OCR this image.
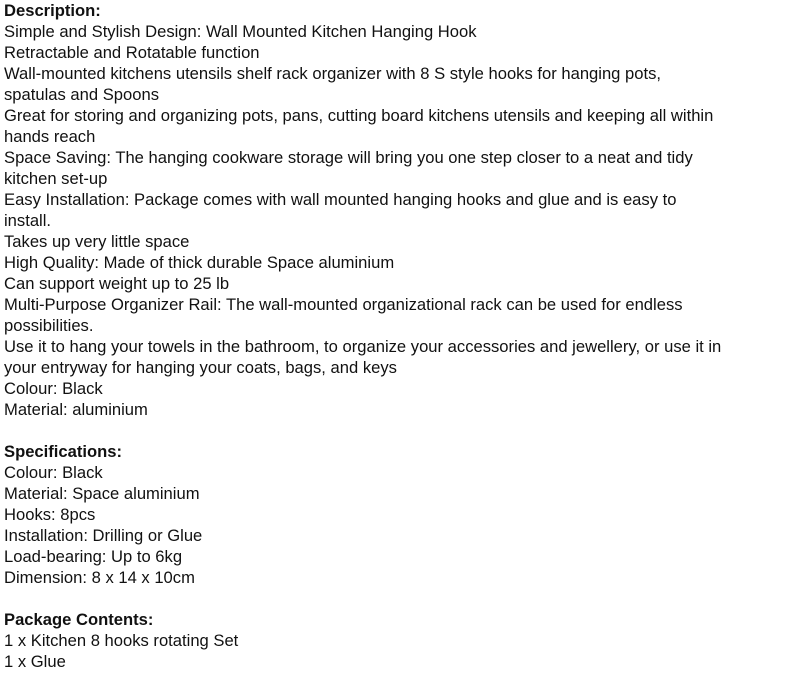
Description:
Simple and Stylish Design: Wall Mounted Kitchen Hanging Hook
Retractable and Rotatable function
Wall-mounted kitchens utensils shelf rack organizer with 8 S style hooks for hanging pots,
spatulas and Spoons
Great for storing and organizing pots, pans, cutting board kitchens utensils and keeping all within
hands reach
Space Saving: The hanging cookware storage will bring you one step closer to a neat and tidy
kitchen set-up
Easy Installation: Package comes with wall mounted hanging hooks and glue and is easy to
install.
Takes up very little space
High Quality: Made of thick durable Space aluminium
Can support weight up to 25 lb
Multi-Purpose Organizer Rail: The wall-mounted organizational rack can be used for endless
possibilities.
Use it to hang your towels in the bathroom, to organize your accessories and jewellery, or use it in
your entryway for hanging your coats, bags, and keys
Colour: Black
Material: aluminium
Specifications:
Colour: Black
Material: Space aluminium
Hooks: 8pcs
Installation: Drilling or Glue
Load-bearing: Up to 6kg
Dimension: 8 x 14 x 10cm
Package Contents:
1 x Kitchen 8 hooks rotating Set
1 x Glue
